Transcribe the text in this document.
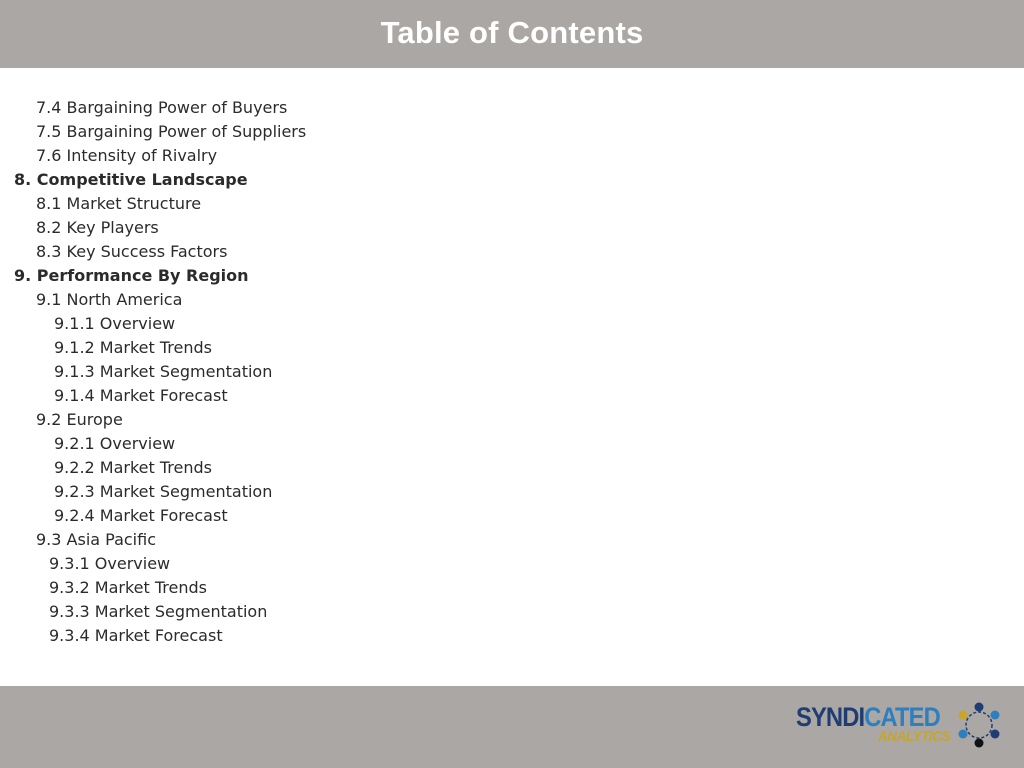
Table of Contents
7.4 Bargaining Power of Buyers
7.5 Bargaining Power of Suppliers
7.6 Intensity of Rivalry
8. Competitive Landscape
8.1 Market Structure
8.2 Key Players
8.3 Key Success Factors
9. Performance By Region
9.1 North America
9.1.1 Overview
9.1.2 Market Trends
9.1.3 Market Segmentation
9.1.4 Market Forecast
9.2 Europe
9.2.1 Overview
9.2.2 Market Trends
9.2.3 Market Segmentation
9.2.4 Market Forecast
9.3 Asia Pacific
9.3.1 Overview
9.3.2 Market Trends
9.3.3 Market Segmentation
9.3.4 Market Forecast
SYNDICATED
ANALYTICS
